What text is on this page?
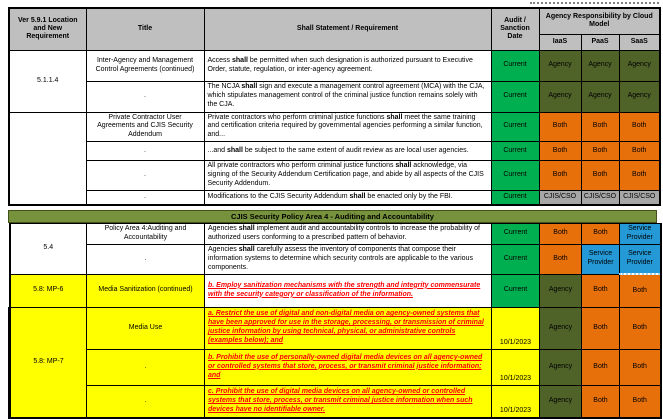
Ver 5.9.1 Location and New Requirement	Title	Shall Statement / Requirement	Audit / Sanction Date	Agency Responsibility by Cloud Model		
				IaaS	PaaS	SaaS
5.1.1.4	Inter-Agency and Management Control Agreements (continued)	Access shall be permitted when such designation is authorized pursuant to Executive Order, statute, regulation, or inter-agency agreement.	Current	Agency	Agency	Agency
	.	The NCJA shall sign and execute a management control agreement (MCA) with the CJA, which stipulates management control of the criminal justice function remains solely with the CJA.	Current	Agency	Agency	Agency
	Private Contractor User Agreements and CJIS Security Addendum	Private contractors who perform criminal justice functions shall meet the same training and certification criteria required by governmental agencies performing a similar function, and...	Current	Both	Both	Both
	.	...and shall be subject to the same extent of audit review as are local user agencies.	Current	Both	Both	Both
	.	All private contractors who perform criminal justice functions shall acknowledge, via signing of the Security Addendum Certification page, and abide by all aspects of the CJIS Security Addendum.	Current	Both	Both	Both
	.	Modifications to the CJIS Security Addendum shall be enacted only by the FBI.	Current	CJIS/CSO	CJIS/CSO	CJIS/CSO
CJIS Security Policy Area 4 - Auditing and Accountability
5.4	Policy Area 4:Auditing and Accountability	Agencies shall implement audit and accountability controls to increase the probability of authorized users conforming to a prescribed pattern of behavior.	Current	Both	Both	Service Provider
	.	Agencies shall carefully assess the inventory of components that compose their information systems to determine which security controls are applicable to the various components.	Current	Both	Service Provider	Service Provider
5.8: MP-6	Media Sanitization (continued)	b. Employ sanitization mechanisms with the strength and integrity commensurate with the security category or classification of the information.	Current	Agency	Both	Both
5.8: MP-7	Media Use	a. Restrict the use of digital and non-digital media on agency-owned systems that have been approved for use in the storage, processing, or transmission of criminal justice information by using technical, physical, or administrative controls (examples below); and	10/1/2023	Agency	Both	Both
	.	b. Prohibit the use of personally-owned digital media devices on all agency-owned or controlled systems that store, process, or transmit criminal justice information; and	10/1/2023	Agency	Both	Both
	.	c. Prohibit the use of digital media devices on all agency-owned or controlled systems that store, process, or transmit criminal justice information when such devices have no identifiable owner.	10/1/2023	Agency	Both	Both
